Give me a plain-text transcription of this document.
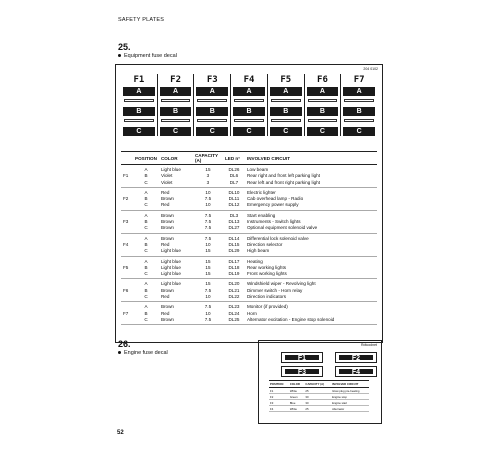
SAFETY PLATES
25.
Equipment fuse decal
204 0102
F1
A
B
C
F2
A
B
C
F3
A
B
C
F4
A
B
C
F5
A
B
C
F6
A
B
C
F7
A
B
C
	POSITION	COLOR	CAPACITY (A)	LED n°	INVOLVED CIRCUIT
	A	Light blue	15	DL26	Low beam
F1	B	Violet	3	DL6	Rear right and front left parking light
	C	Violet	3	DL7	Rear left and front right parking light
	A	Red	10	DL10	Electric lighter
F2	B	Brown	7.5	DL11	Cab overhead lamp - Radio
	C	Red	10	DL12	Emergency power supply
	A	Brown	7.5	DL3	Start enabling
F3	B	Brown	7.5	DL13	Instruments - Switch lights
	C	Brown	7.5	DL27	Optional equipment solenoid valve
	A	Brown	7.5	DL14	Differential lock solenoid valve
F4	B	Red	10	DL15	Direction selector
	C	Light blue	15	DL29	High beam
	A	Light blue	15	DL17	Heating
F5	B	Light blue	15	DL18	Rear working lights
	C	Light blue	15	DL19	Front working lights
	A	Light blue	15	DL20	Windshield wiper - Revolving light
F6	B	Brown	7.5	DL21	Dimmer switch - Horn relay
	C	Red	10	DL22	Direction indicators
	A	Brown	7.5	DL23	Monitor (if provided)
F7	B	Red	10	DL24	Horn
	C	Brown	7.5	DL25	Alternator excitation - Engine stop solenoid
26.
Engine fuse decal
Rdtcodnet
F1	F2
F3	F4
POSITION	COLOR	CAPACITY (A)	INVOLVED CIRCUIT
F1	White	25	Glow plug pre-heating
F2	Green	30	Engine stop
F3	Blue	30	Engine start
F4	White	25	Alternator
52
